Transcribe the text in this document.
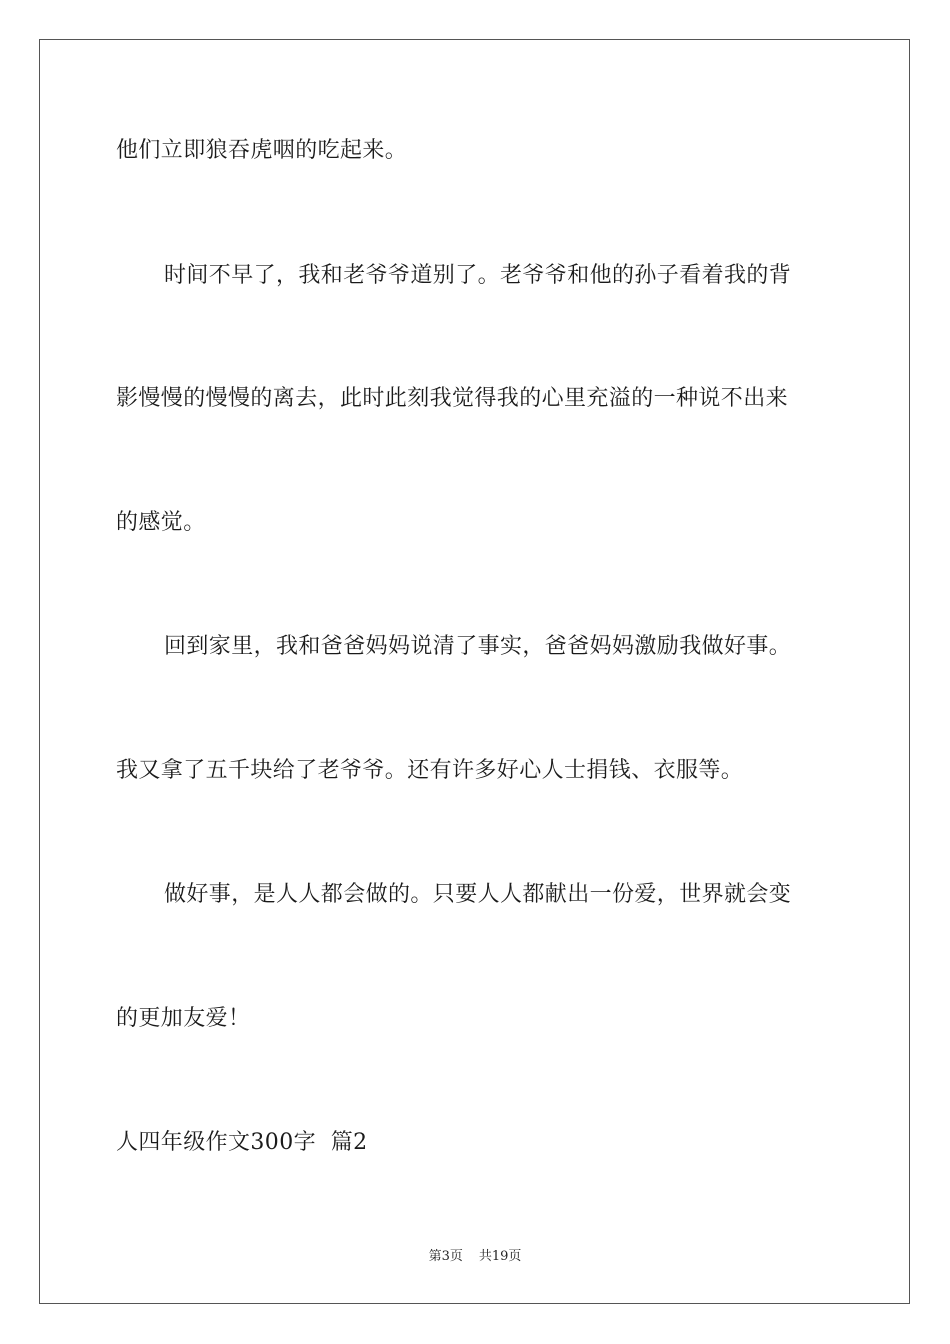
他们立即狼吞虎咽的吃起来。
时间不早了，我和老爷爷道别了。老爷爷和他的孙子看着我的背
影慢慢的慢慢的离去，此时此刻我觉得我的心里充溢的一种说不出来
的感觉。
回到家里，我和爸爸妈妈说清了事实，爸爸妈妈激励我做好事。
我又拿了五千块给了老爷爷。还有许多好心人士捐钱、衣服等。
做好事，是人人都会做的。只要人人都献出一份爱，世界就会变
的更加友爱！
人四年级作文300字  篇2
第3页 共19页
